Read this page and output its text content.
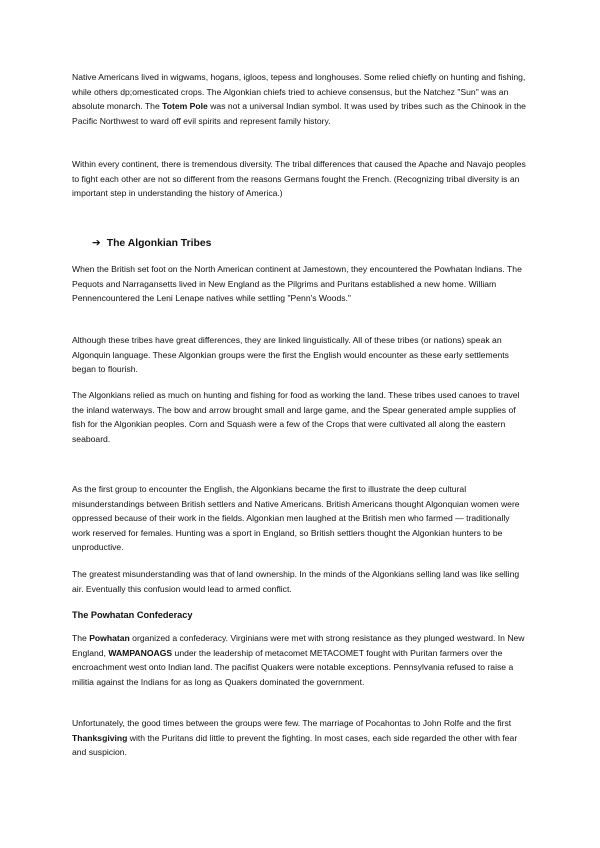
Native Americans lived in wigwams, hogans, igloos, tepess and longhouses. Some relied chiefly on hunting and fishing, while others dp;omesticated crops. The Algonkian chiefs tried to achieve consensus, but the Natchez "Sun" was an absolute monarch. The Totem Pole was not a universal Indian symbol. It was used by tribes such as the Chinook in the Pacific Northwest to ward off evil spirits and represent family history.

Within every continent, there is tremendous diversity. The tribal differences that caused the Apache and Navajo peoples to fight each other are not so different from the reasons Germans fought the French. (Recognizing tribal diversity is an important step in understanding the history of America.)

➔ The Algonkian Tribes

When the British set foot on the North American continent at Jamestown, they encountered the Powhatan Indians. The Pequots and Narragansetts lived in New England as the Pilgrims and Puritans established a new home. William Pennencountered the Leni Lenape natives while settling "Penn's Woods."

Although these tribes have great differences, they are linked linguistically. All of these tribes (or nations) speak an Algonquin language. These Algonkian groups were the first the English would encounter as these early settlements began to flourish.

The Algonkians relied as much on hunting and fishing for food as working the land. These tribes used canoes to travel the inland waterways. The bow and arrow brought small and large game, and the Spear generated ample supplies of fish for the Algonkian peoples. Corn and Squash were a few of the Crops that were cultivated all along the eastern seaboard.

As the first group to encounter the English, the Algonkians became the first to illustrate the deep cultural misunderstandings between British settlers and Native Americans. British Americans thought Algonquian women were oppressed because of their work in the fields. Algonkian men laughed at the British men who farmed — traditionally work reserved for females. Hunting was a sport in England, so British settlers thought the Algonkian hunters to be unproductive.

The greatest misunderstanding was that of land ownership. In the minds of the Algonkians selling land was like selling air. Eventually this confusion would lead to armed conflict.

The Powhatan Confederacy

The Powhatan organized a confederacy. Virginians were met with strong resistance as they plunged westward. In New England, WAMPANOAGS under the leadership of metacomet METACOMET fought with Puritan farmers over the encroachment west onto Indian land. The pacifist Quakers were notable exceptions. Pennsylvania refused to raise a militia against the Indians for as long as Quakers dominated the government.

Unfortunately, the good times between the groups were few. The marriage of Pocahontas to John Rolfe and the first Thanksgiving with the Puritans did little to prevent the fighting. In most cases, each side regarded the other with fear and suspicion.
